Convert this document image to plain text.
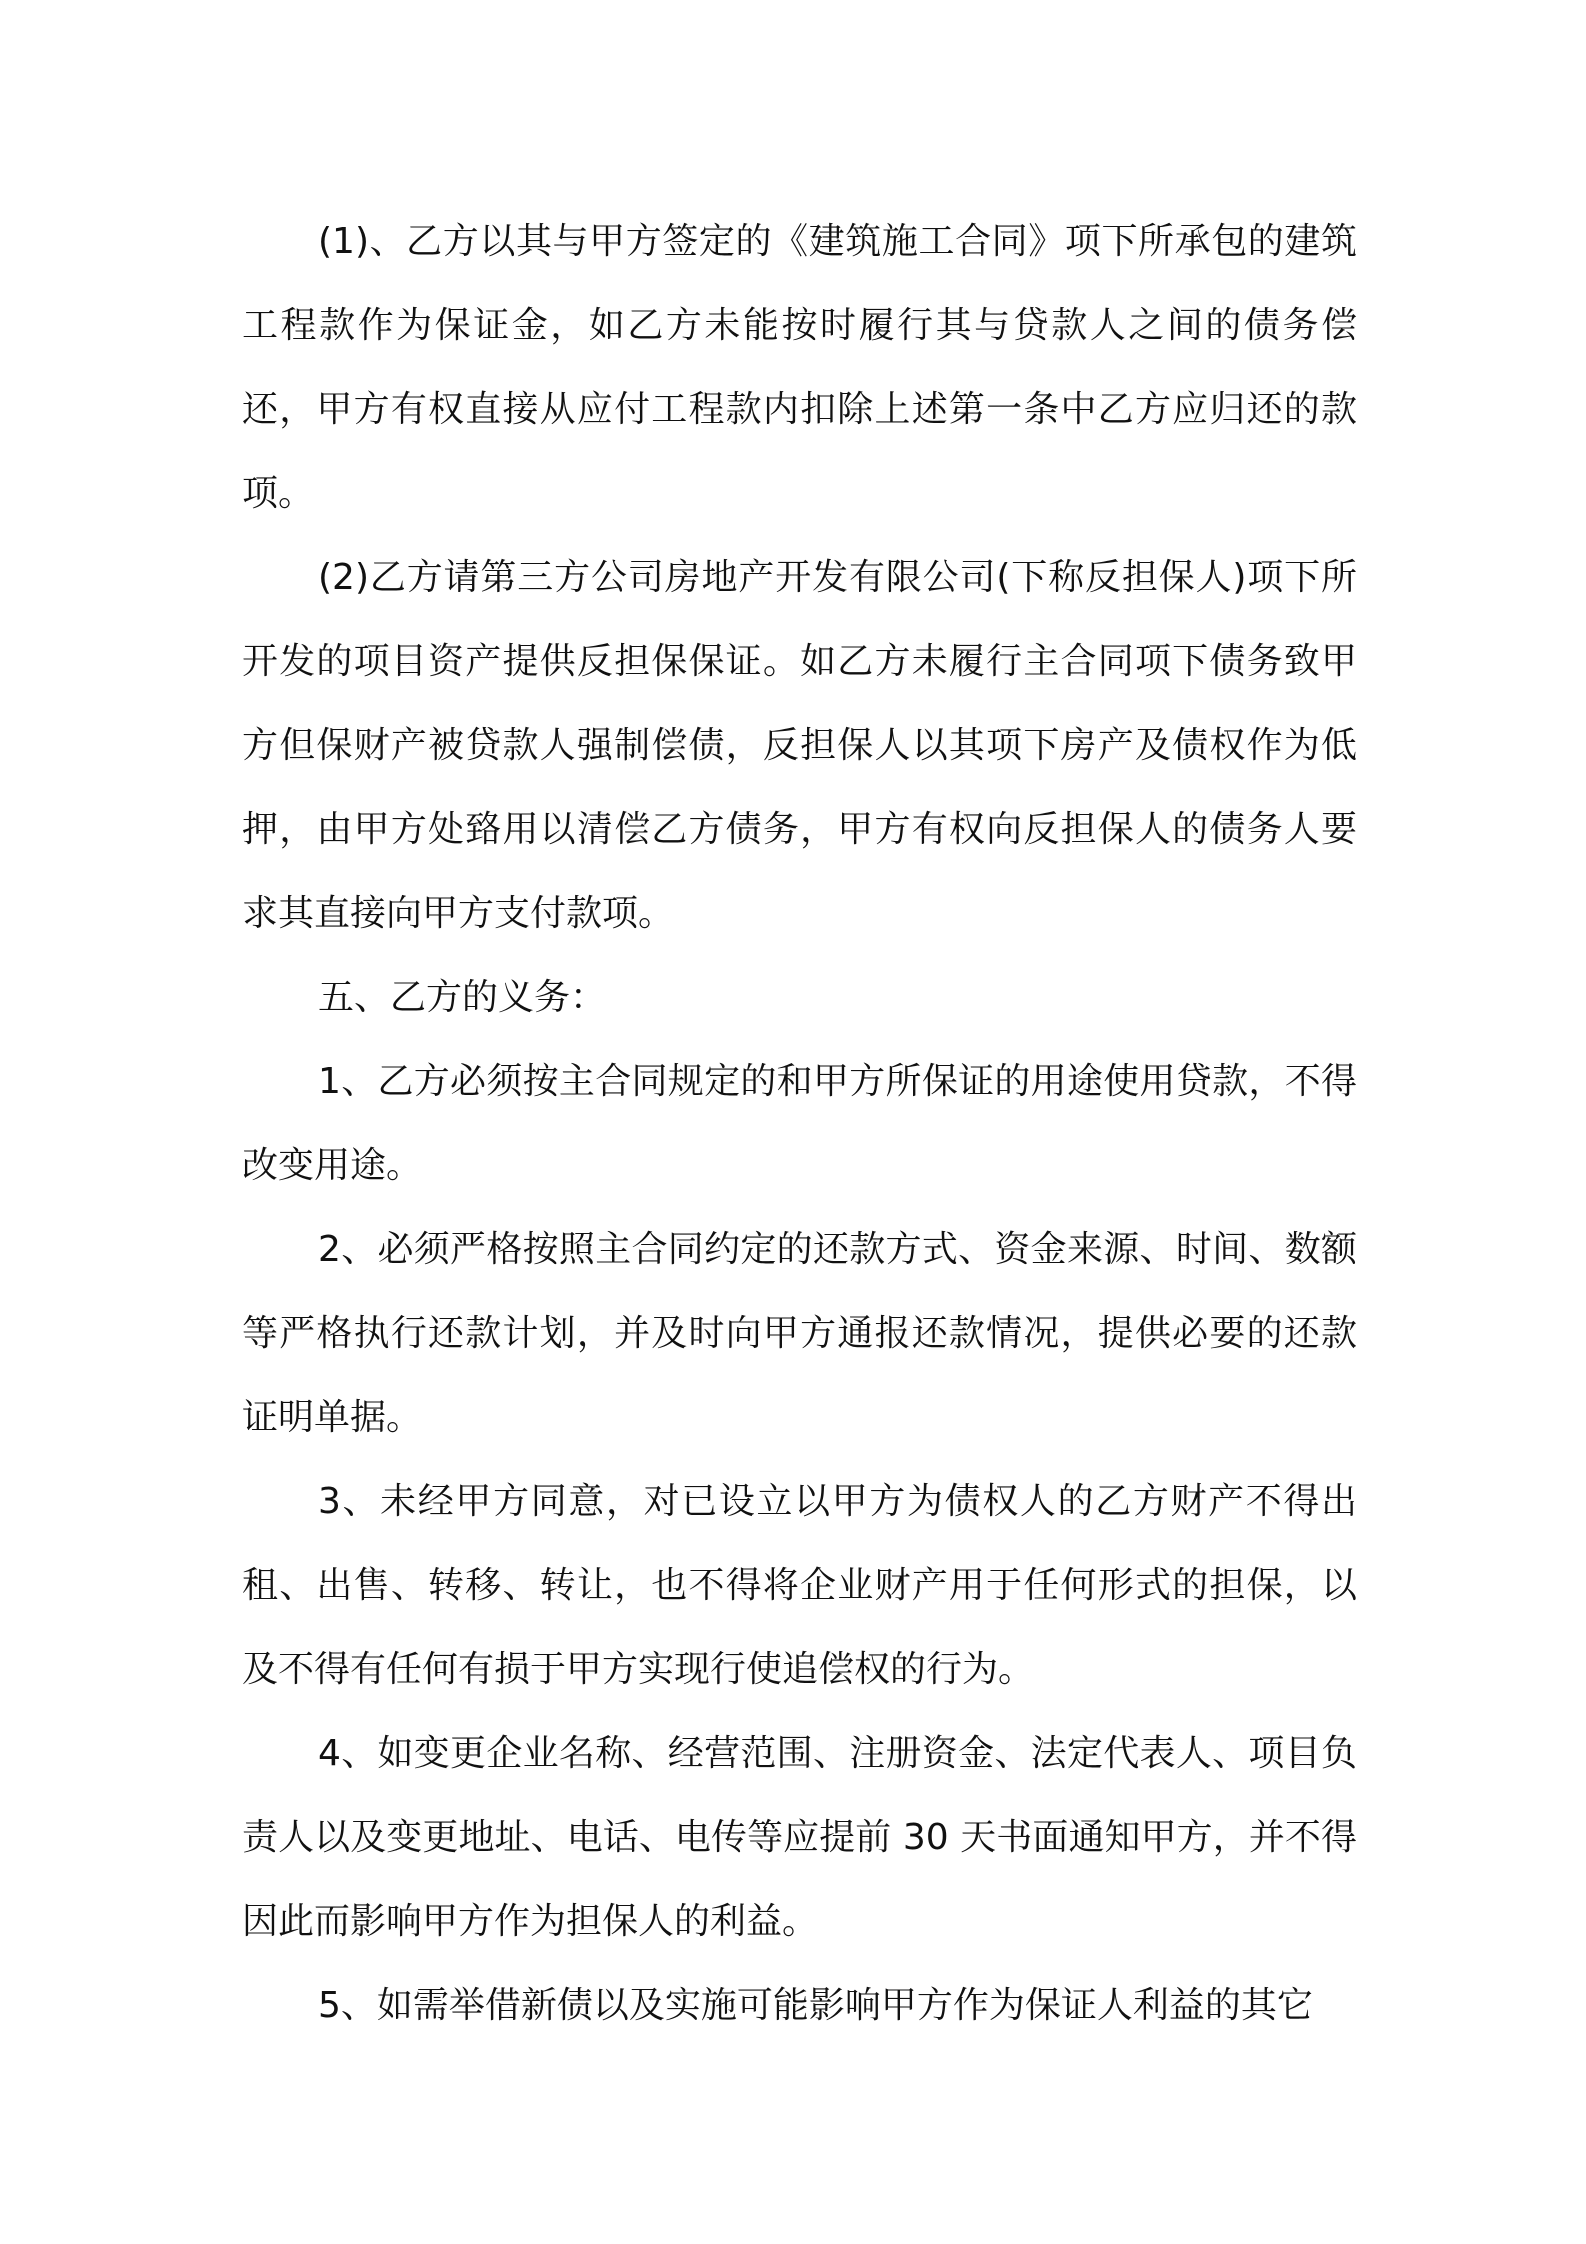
(1)、乙方以其与甲方签定的《建筑施工合同》项下所承包的建筑工程款作为保证金，如乙方未能按时履行其与贷款人之间的债务偿还，甲方有权直接从应付工程款内扣除上述第一条中乙方应归还的款项。

(2)乙方请第三方公司房地产开发有限公司(下称反担保人)项下所开发的项目资产提供反担保保证。如乙方未履行主合同项下债务致甲方但保财产被贷款人强制偿债，反担保人以其项下房产及债权作为低押，由甲方处臵用以清偿乙方债务，甲方有权向反担保人的债务人要求其直接向甲方支付款项。

五、乙方的义务：

1、乙方必须按主合同规定的和甲方所保证的用途使用贷款，不得改变用途。

2、必须严格按照主合同约定的还款方式、资金来源、时间、数额等严格执行还款计划，并及时向甲方通报还款情况，提供必要的还款证明单据。

3、未经甲方同意，对已设立以甲方为债权人的乙方财产不得出租、出售、转移、转让，也不得将企业财产用于任何形式的担保，以及不得有任何有损于甲方实现行使追偿权的行为。

4、如变更企业名称、经营范围、注册资金、法定代表人、项目负责人以及变更地址、电话、电传等应提前 30 天书面通知甲方，并不得因此而影响甲方作为担保人的利益。

5、如需举借新债以及实施可能影响甲方作为保证人利益的其它
